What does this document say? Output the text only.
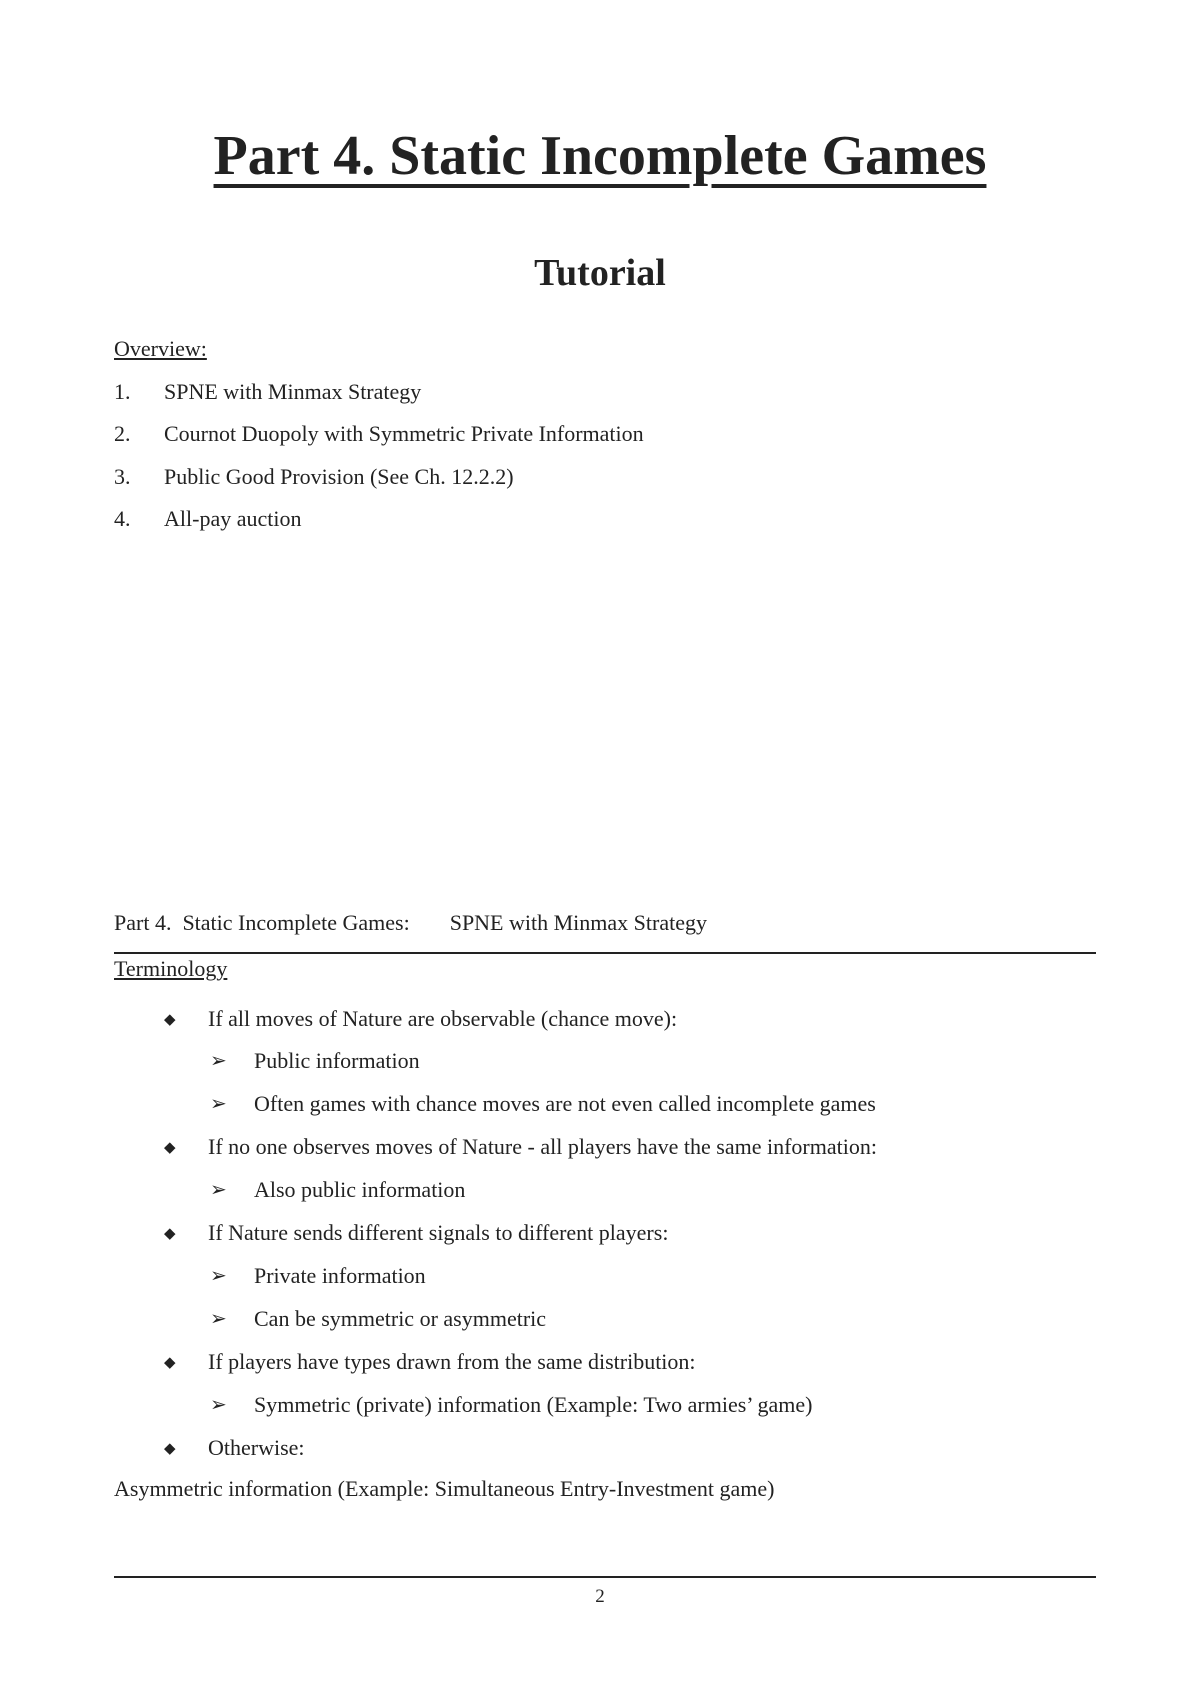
Part 4. Static Incomplete Games
Tutorial
Overview:
1.	SPNE with Minmax Strategy
2.	Cournot Duopoly with Symmetric Private Information
3.	Public Good Provision (See Ch. 12.2.2)
4.	All-pay auction
Part 4.  Static Incomplete Games: SPNE with Minmax Strategy
Terminology
◆	If all moves of Nature are observable (chance move):
➢	Public information
➢	Often games with chance moves are not even called incomplete games
◆	If no one observes moves of Nature - all players have the same information:
➢	Also public information
◆	If Nature sends different signals to different players:
➢	Private information
➢	Can be symmetric or asymmetric
◆	If players have types drawn from the same distribution:
➢	Symmetric (private) information (Example: Two armies’ game)
◆	Otherwise:
Asymmetric information (Example: Simultaneous Entry-Investment game)
2
